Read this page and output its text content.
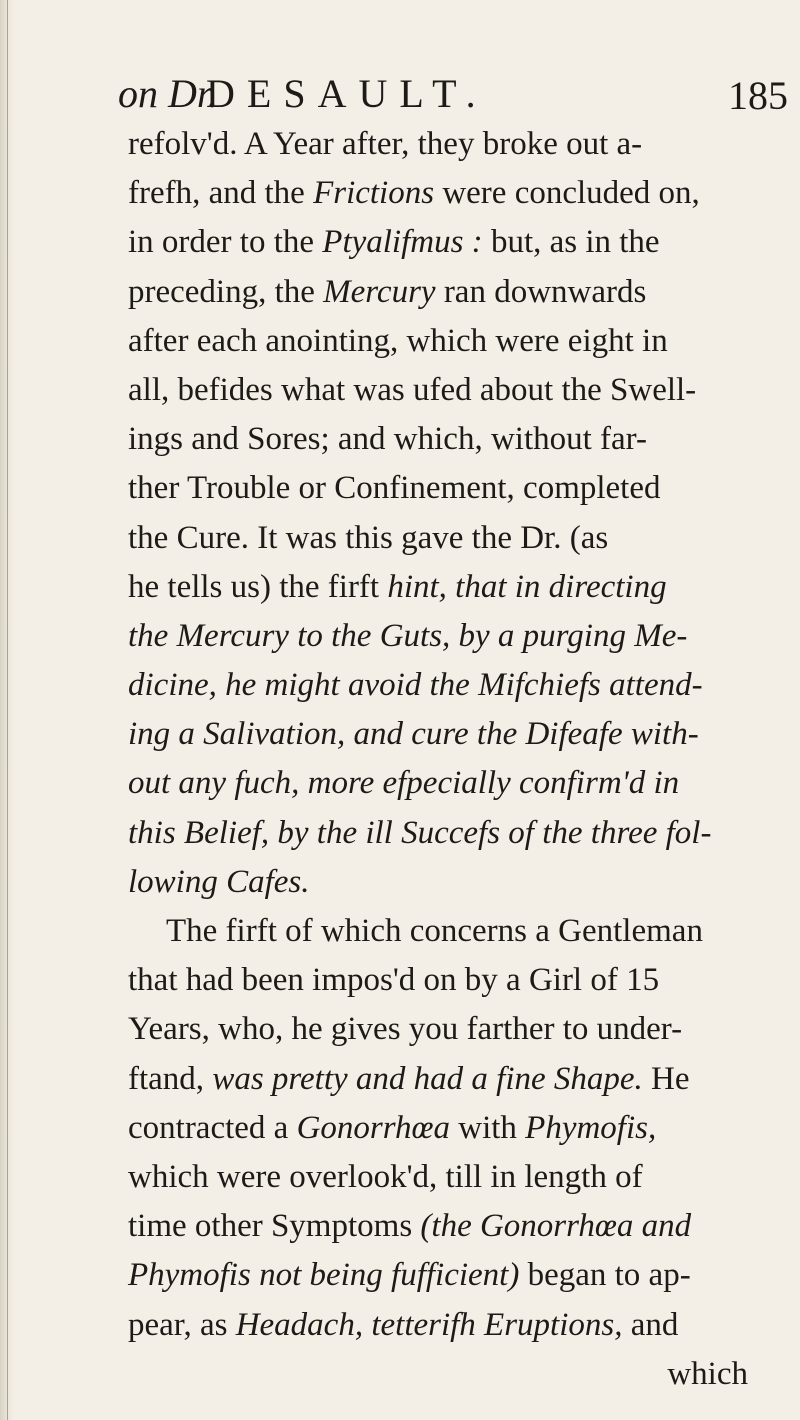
on Dr.
DESAULT.	185
refolv'd. A Year after, they broke out a-
frefh, and the Frictions were concluded on,
in order to the Ptyalifmus : but, as in the
preceding, the Mercury ran downwards
after each anointing, which were eight in
all, befides what was ufed about the Swell-
ings and Sores; and which, without far-
ther Trouble or Confinement, completed
the Cure. It was this gave the Dr. (as
he tells us) the firft hint, that in directing
the Mercury to the Guts, by a purging Me-
dicine, he might avoid the Mifchiefs attend-
ing a Salivation, and cure the Difeafe with-
out any fuch, more efpecially confirm'd in
this Belief, by the ill Succefs of the three fol-
lowing Cafes.
The firft of which concerns a Gentleman
that had been impos'd on by a Girl of 15
Years, who, he gives you farther to under-
ftand, was pretty and had a fine Shape. He
contracted a Gonorrhœa with Phymofis,
which were overlook'd, till in length of
time other Symptoms (the Gonorrhœa and
Phymofis not being fufficient) began to ap-
pear, as Headach, tetterifh Eruptions, and
which
